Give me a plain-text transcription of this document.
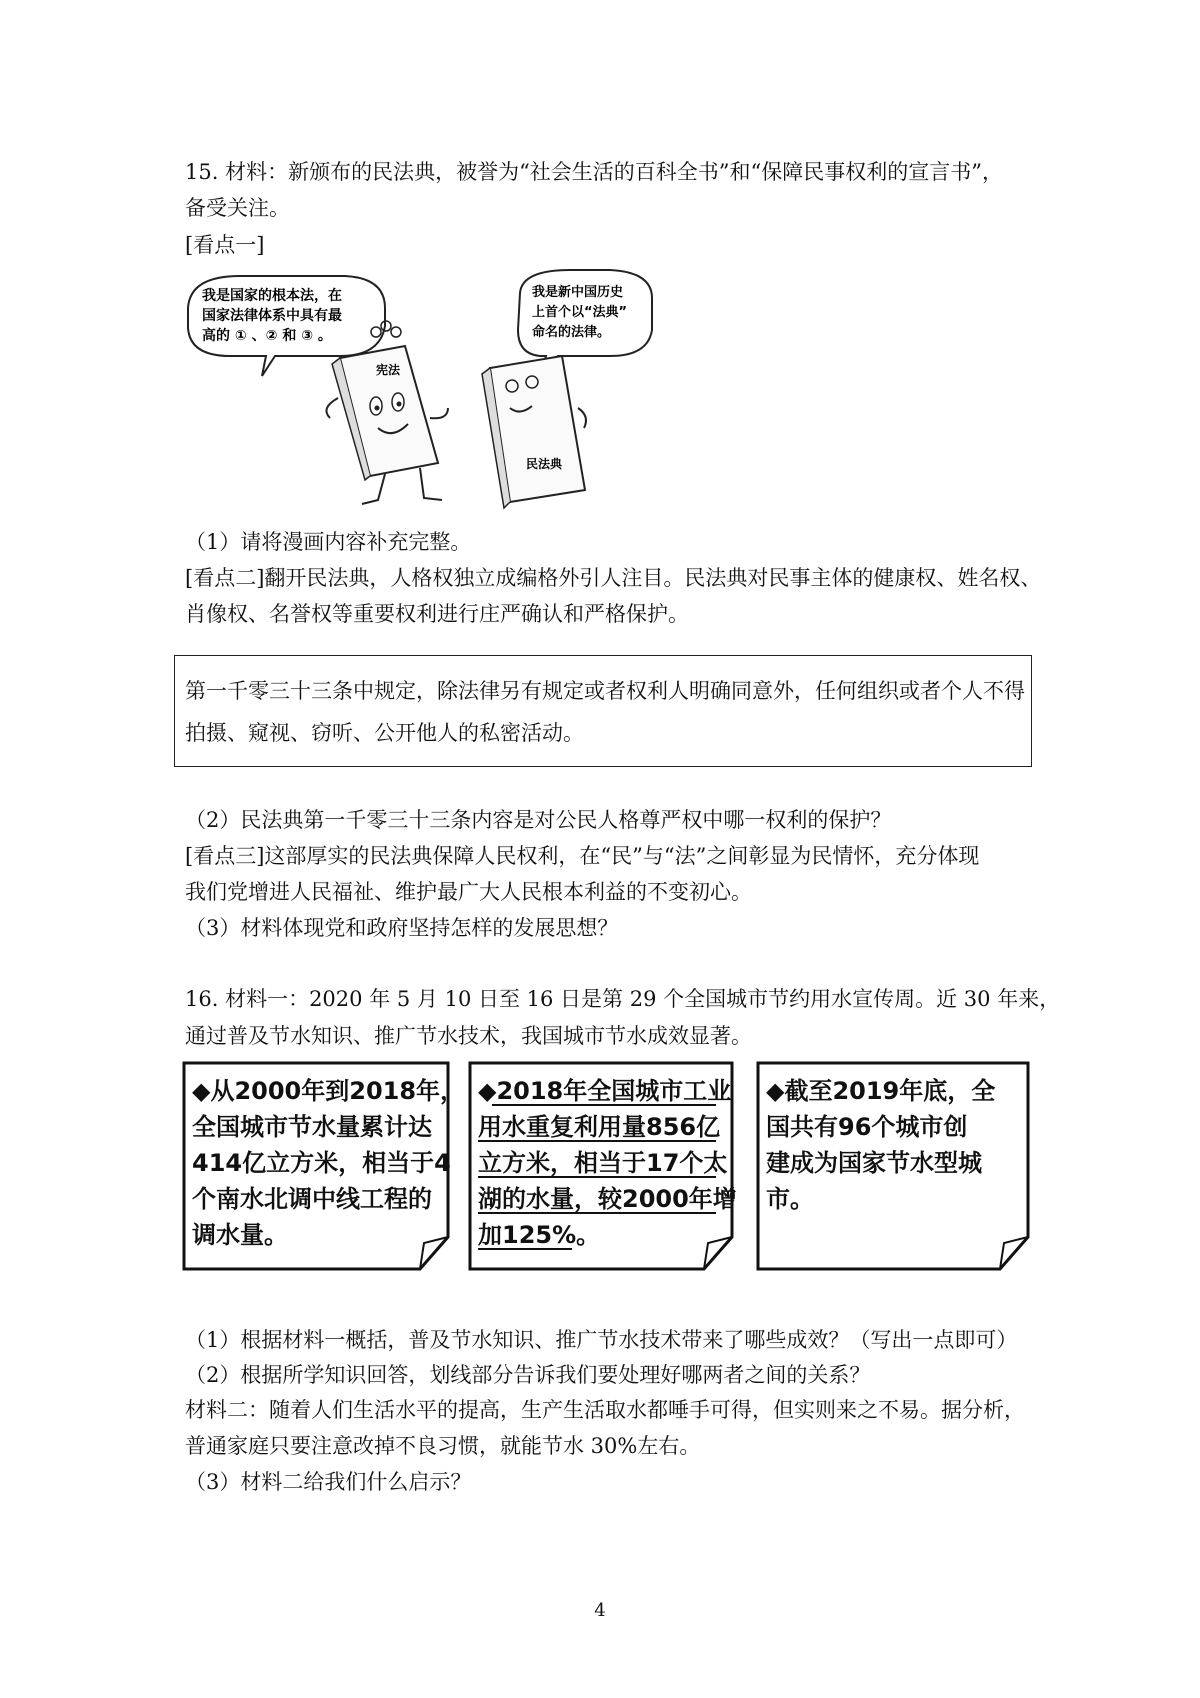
15. 材料：新颁布的民法典，被誉为“社会生活的百科全书”和“保障民事权利的宣言书”，
备受关注。
[看点一]
我是国家的根本法，在
国家法律体系中具有最
高的 ① 、② 和 ③ 。
宪法
我是新中国历史
上首个以“法典”
命名的法律。
民法典
（1）请将漫画内容补充完整。
[看点二]翻开民法典，人格权独立成编格外引人注目。民法典对民事主体的健康权、姓名权、
肖像权、名誉权等重要权利进行庄严确认和严格保护。
第一千零三十三条中规定，除法律另有规定或者权利人明确同意外，任何组织或者个人不得
拍摄、窥视、窃听、公开他人的私密活动。
（2）民法典第一千零三十三条内容是对公民人格尊严权中哪一权利的保护？
[看点三]这部厚实的民法典保障人民权利，在“民”与“法”之间彰显为民情怀，充分体现
我们党增进人民福祉、维护最广大人民根本利益的不变初心。
（3）材料体现党和政府坚持怎样的发展思想？
16. 材料一：2020 年 5 月 10 日至 16 日是第 29 个全国城市节约用水宣传周。近 30 年来，
通过普及节水知识、推广节水技术，我国城市节水成效显著。
◆从2000年到2018年，
全国城市节水量累计达
414亿立方米，相当于4
个南水北调中线工程的
调水量。
◆2018年全国城市工业
用水重复利用量856亿
立方米，相当于17个太
湖的水量，较2000年增
加125%。
◆截至2019年底，全
国共有96个城市创
建成为国家节水型城
市。
（1）根据材料一概括，普及节水知识、推广节水技术带来了哪些成效？（写出一点即可）
（2）根据所学知识回答，划线部分告诉我们要处理好哪两者之间的关系？
材料二：随着人们生活水平的提高，生产生活取水都唾手可得，但实则来之不易。据分析，
普通家庭只要注意改掉不良习惯，就能节水 30%左右。
（3）材料二给我们什么启示？
4
